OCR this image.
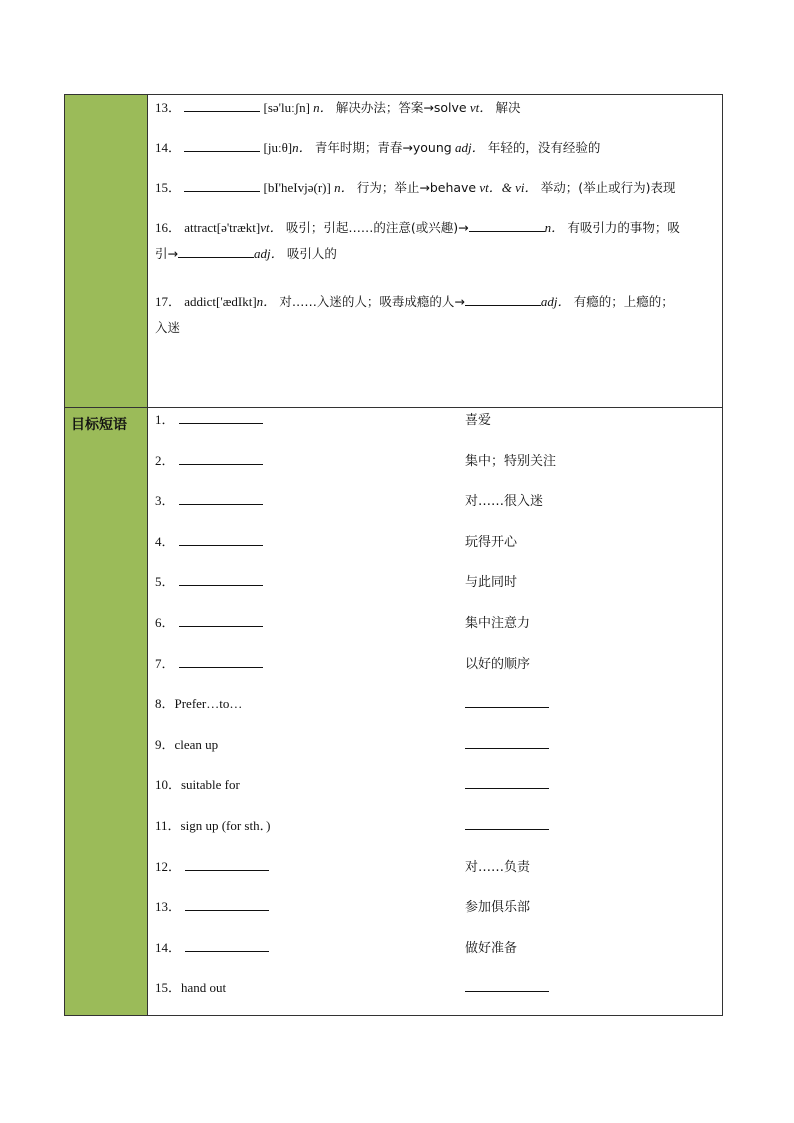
目标短语

13．	[sə'luːʃn] n． 解决办法；答案→solve vt． 解决

14．	[juːθ]n． 青年时期；青春→young adj． 年轻的，没有经验的

15．	[bI'heIvjə(r)] n． 行为；举止→behave vt．& vi． 举动；(举止或行为)表现

16． attract[ə'trækt]vt． 吸引；引起……的注意(或兴趣)→	n． 有吸引力的事物；吸
引→	adj． 吸引人的

17． addict['ædIkt]n． 对……入迷的人；吸毒成瘾的人→	adj． 有瘾的；上瘾的；
入迷

1．	喜爱
2．	集中；特别关注
3．	对……很入迷
4．	玩得开心
5．	与此同时
6．	集中注意力
7．	以好的顺序
8．Prefer…to…
9．clean up
10．suitable for
11．sign up (for sth．)
12．	对……负责
13．	参加俱乐部
14．	做好准备
15．hand out
